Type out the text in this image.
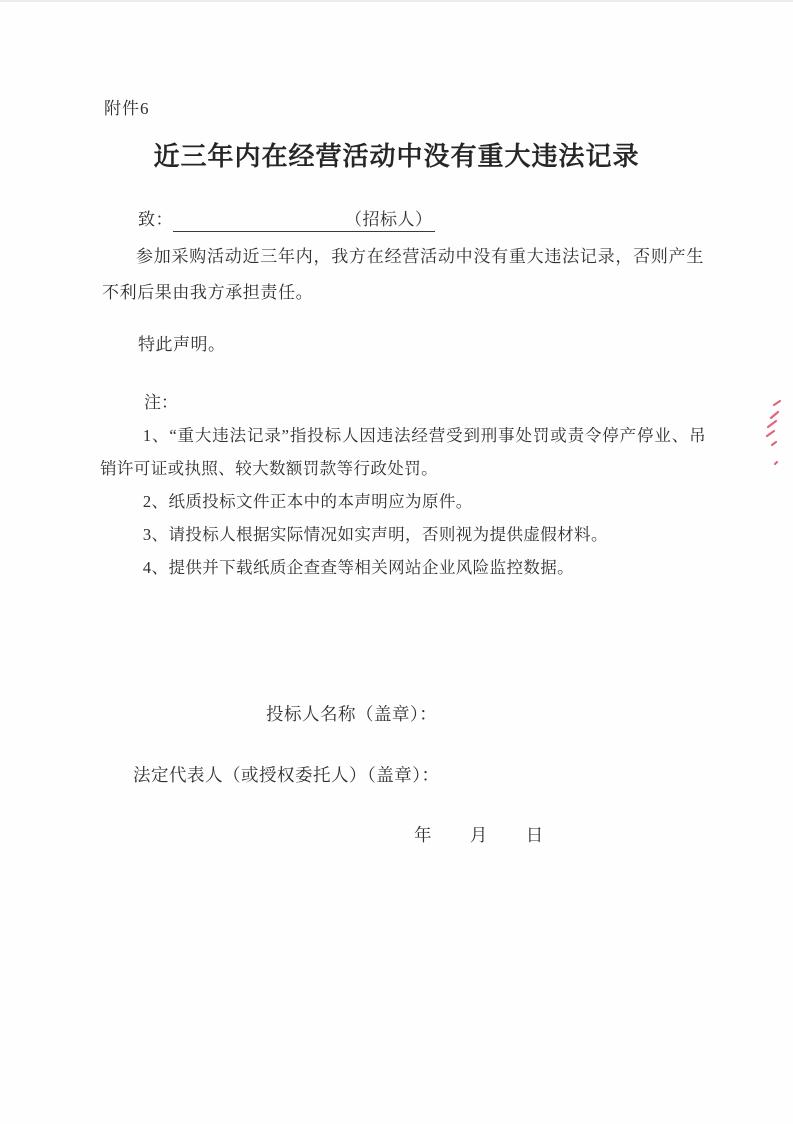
附件6
近三年内在经营活动中没有重大违法记录
致：	（招标人）
参加采购活动近三年内，我方在经营活动中没有重大违法记录，否则产生不利后果由我方承担责任。
特此声明。
注：

1、“重大违法记录”指投标人因违法经营受到刑事处罚或责令停产停业、吊销许可证或执照、较大数额罚款等行政处罚。

2、纸质投标文件正本中的本声明应为原件。

3、请投标人根据实际情况如实声明，否则视为提供虚假材料。

4、提供并下载纸质企查查等相关网站企业风险监控数据。

投标人名称（盖章）：
法定代表人（或授权委托人）（盖章）：
年 月 日
